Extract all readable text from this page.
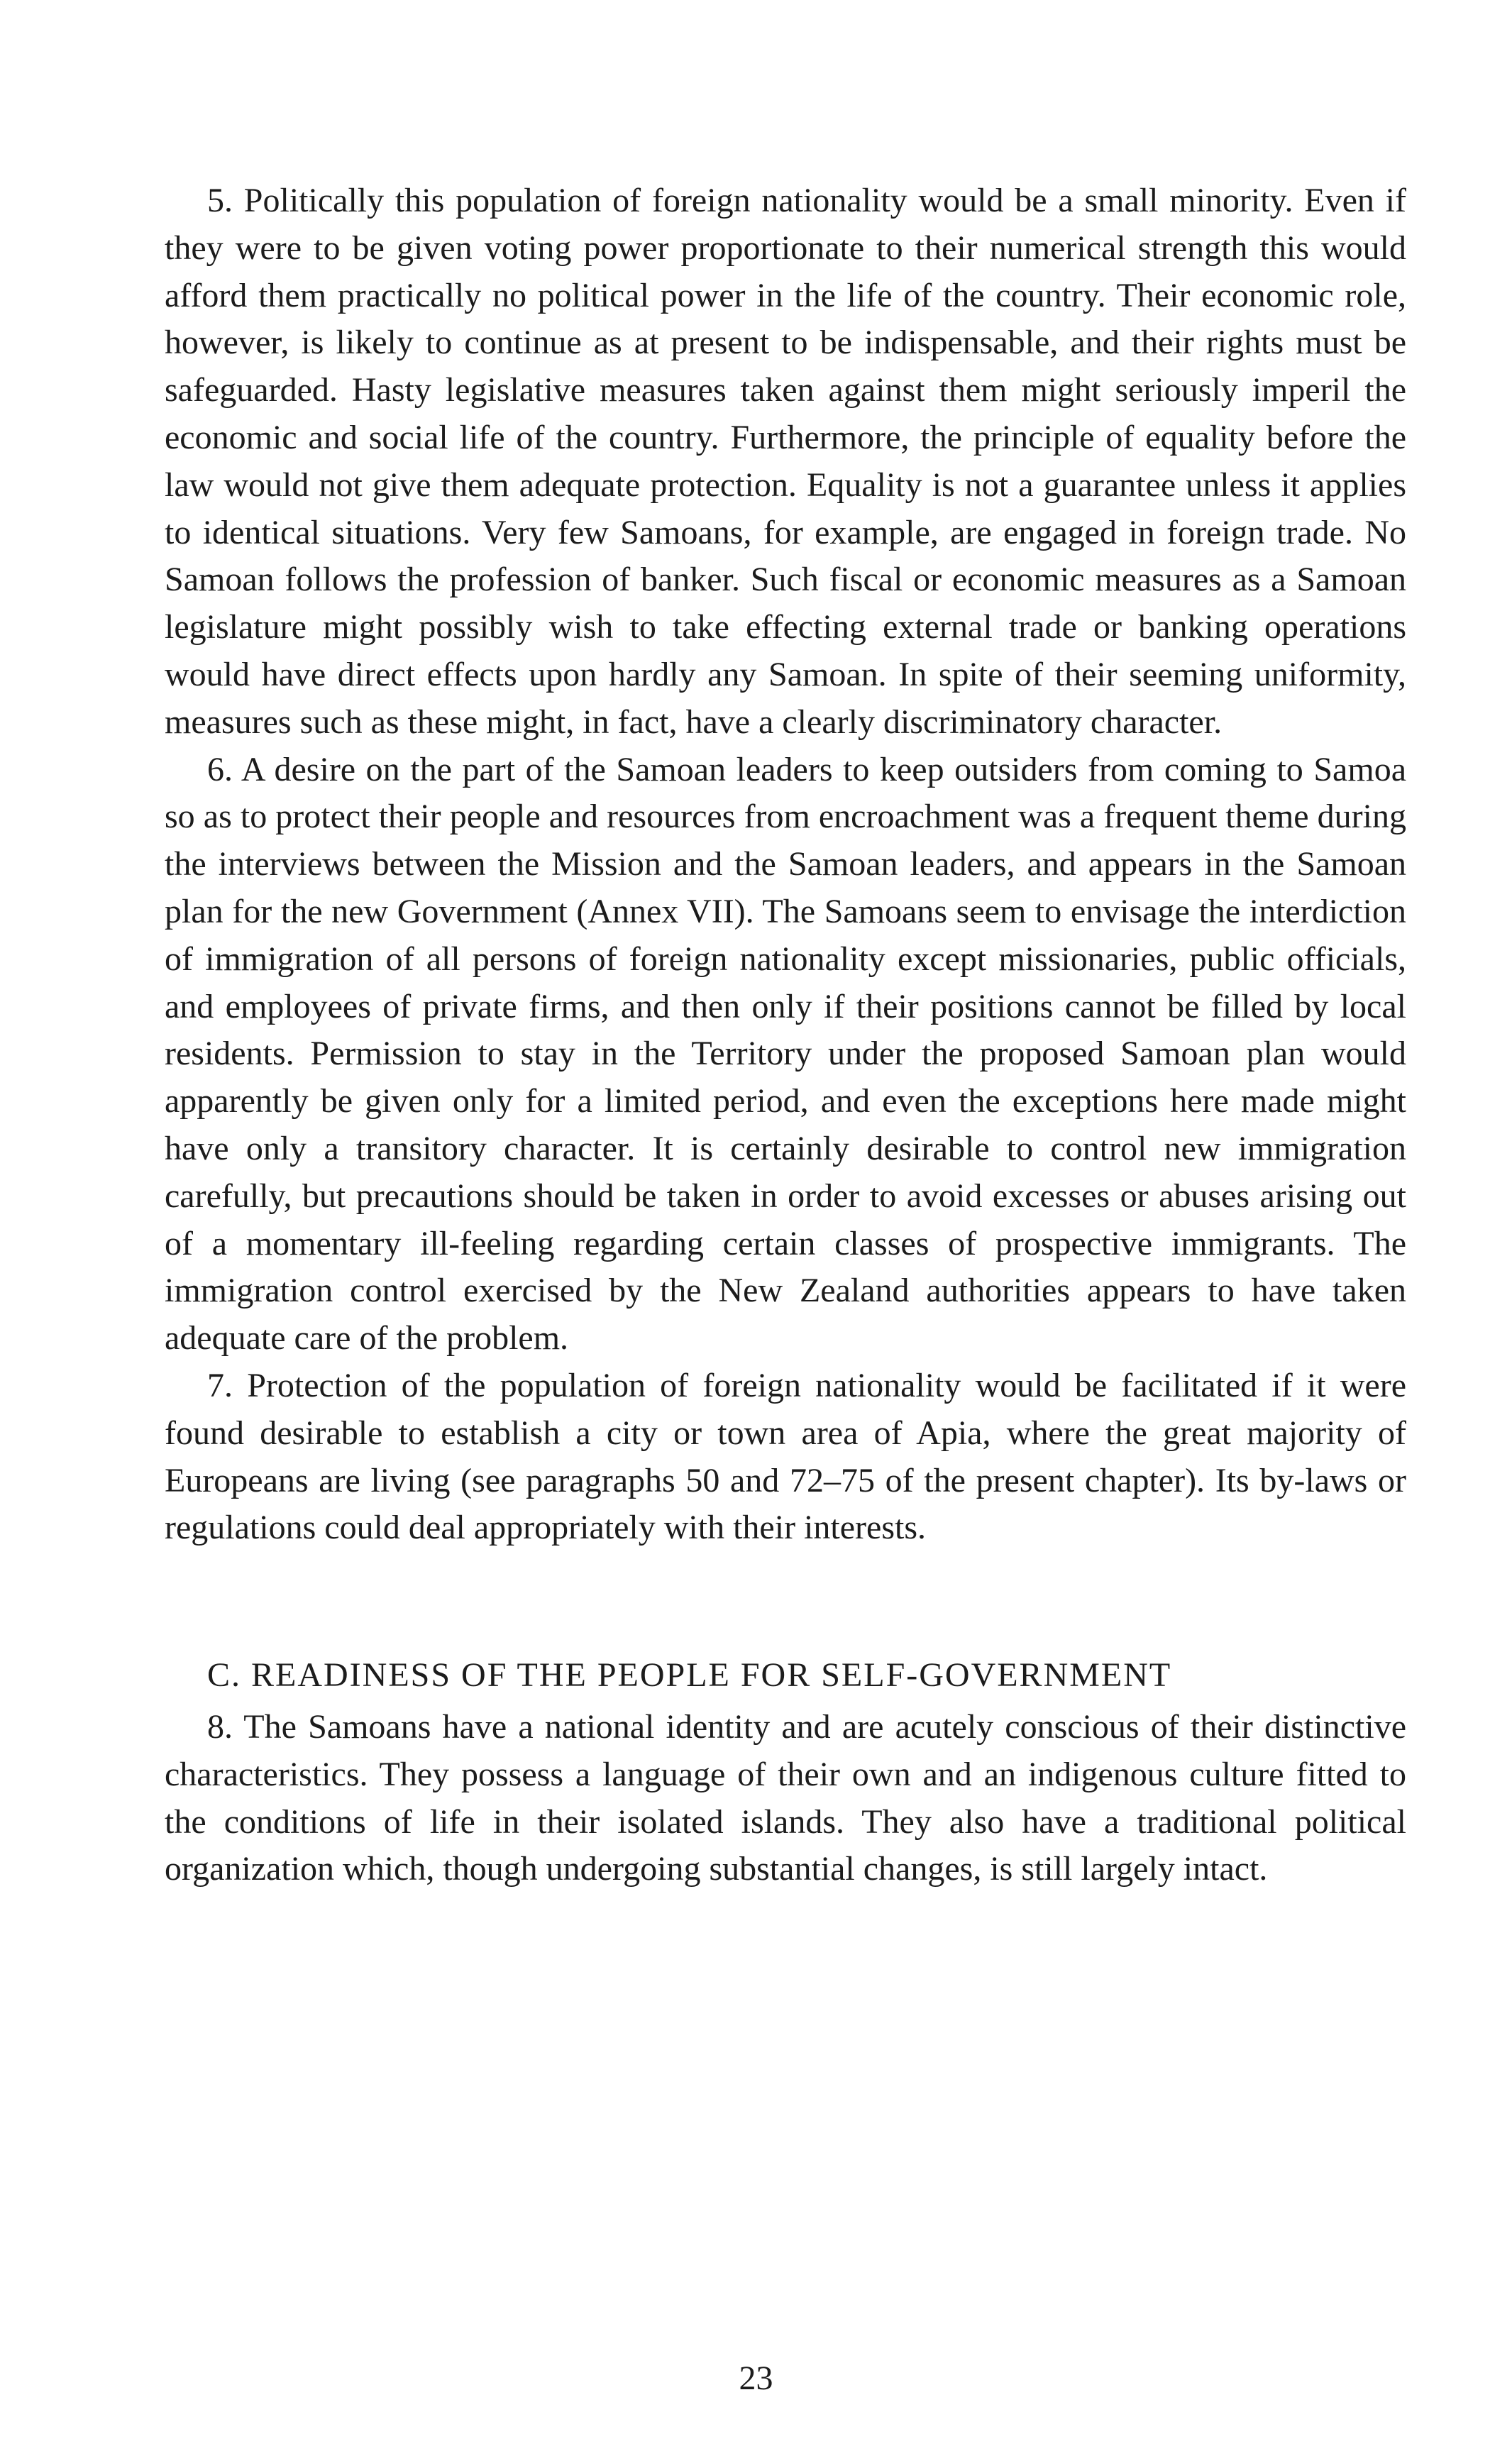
5. Politically this population of foreign nationality would be a small minority. Even if they were to be given voting power proportionate to their numerical strength this would afford them practically no political power in the life of the country. Their economic role, however, is likely to continue as at present to be indispensable, and their rights must be safeguarded. Hasty legislative measures taken against them might seriously imperil the economic and social life of the country. Furthermore, the principle of equality before the law would not give them adequate protection. Equality is not a guarantee unless it applies to identical situations. Very few Samoans, for example, are engaged in foreign trade. No Samoan follows the profession of banker. Such fiscal or economic measures as a Samoan legislature might possibly wish to take effecting external trade or banking operations would have direct effects upon hardly any Samoan. In spite of their seeming uniformity, measures such as these might, in fact, have a clearly discriminatory character.

6. A desire on the part of the Samoan leaders to keep outsiders from coming to Samoa so as to protect their people and resources from encroachment was a frequent theme during the interviews between the Mission and the Samoan leaders, and appears in the Samoan plan for the new Government (Annex VII). The Samoans seem to envisage the interdiction of immigration of all persons of foreign nationality except missionaries, public officials, and employees of private firms, and then only if their positions cannot be filled by local residents. Permission to stay in the Territory under the proposed Samoan plan would apparently be given only for a limited period, and even the exceptions here made might have only a transitory character. It is certainly desirable to control new immigration carefully, but precautions should be taken in order to avoid excesses or abuses arising out of a momentary ill-feeling regarding certain classes of prospective immigrants. The immigration control exercised by the New Zealand authorities appears to have taken adequate care of the problem.

7. Protection of the population of foreign nationality would be facilitated if it were found desirable to establish a city or town area of Apia, where the great majority of Europeans are living (see paragraphs 50 and 72–75 of the present chapter). Its by-laws or regulations could deal appropriately with their interests.

C. READINESS OF THE PEOPLE FOR SELF-GOVERNMENT

8. The Samoans have a national identity and are acutely conscious of their distinctive characteristics. They possess a language of their own and an indigenous culture fitted to the conditions of life in their isolated islands. They also have a traditional political organization which, though undergoing substantial changes, is still largely intact.

23
